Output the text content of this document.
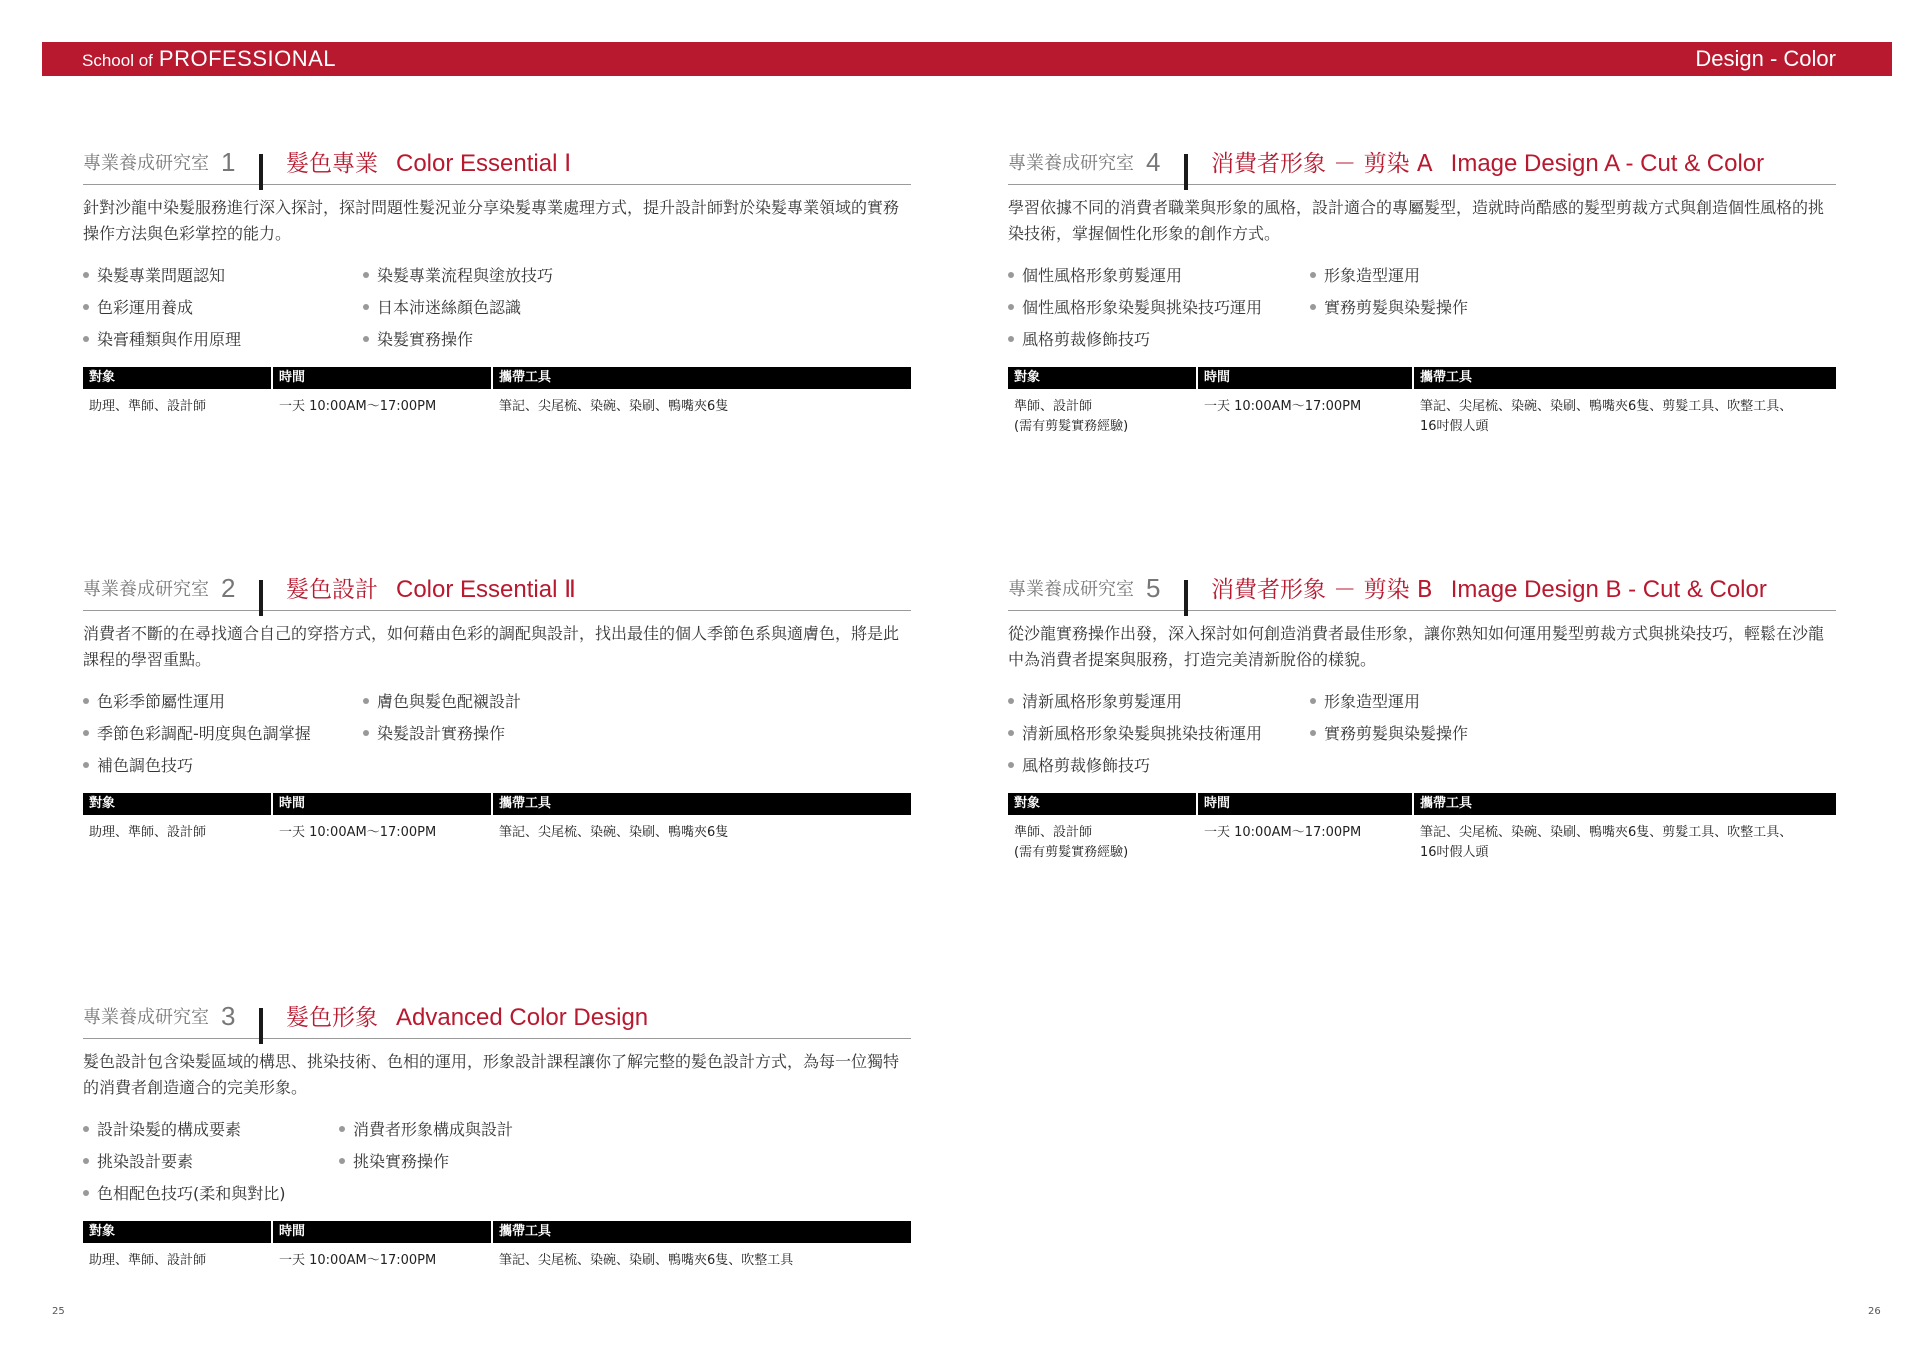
School of PROFESSIONAL	Design - Color
專業養成研究室 1 髮色專業 Color Essential Ⅰ

針對沙龍中染髮服務進行深入探討，探討問題性髮況並分享染髮專業處理方式，提升設計師對於染髮專業領域的實務操作方法與色彩掌控的能力。

染髮專業問題認知	染髮專業流程與塗放技巧
色彩運用養成	日本沛迷絲顏色認識
染膏種類與作用原理	染髮實務操作
對象	時間	攜帶工具
助理、準師、設計師	一天 10:00AM～17:00PM	筆記、尖尾梳、染碗、染刷、鴨嘴夾6隻
專業養成研究室 2 髮色設計 Color Essential Ⅱ

消費者不斷的在尋找適合自己的穿搭方式，如何藉由色彩的調配與設計，找出最佳的個人季節色系與適膚色，將是此課程的學習重點。

色彩季節屬性運用	膚色與髮色配襯設計
季節色彩調配-明度與色調掌握	染髮設計實務操作
補色調色技巧
對象	時間	攜帶工具
助理、準師、設計師	一天 10:00AM～17:00PM	筆記、尖尾梳、染碗、染刷、鴨嘴夾6隻
專業養成研究室 3 髮色形象 Advanced Color Design

髮色設計包含染髮區域的構思、挑染技術、色相的運用，形象設計課程讓你了解完整的髮色設計方式，為每一位獨特的消費者創造適合的完美形象。

設計染髮的構成要素	消費者形象構成與設計
挑染設計要素	挑染實務操作
色相配色技巧(柔和與對比)
對象	時間	攜帶工具
助理、準師、設計師	一天 10:00AM～17:00PM	筆記、尖尾梳、染碗、染刷、鴨嘴夾6隻、吹整工具
專業養成研究室 4 消費者形象 － 剪染 A Image Design A - Cut & Color

學習依據不同的消費者職業與形象的風格，設計適合的專屬髮型，造就時尚酷感的髮型剪裁方式與創造個性風格的挑染技術，掌握個性化形象的創作方式。

個性風格形象剪髮運用	形象造型運用
個性風格形象染髮與挑染技巧運用	實務剪髮與染髮操作
風格剪裁修飾技巧
對象	時間	攜帶工具
準師、設計師
(需有剪髮實務經驗)
一天 10:00AM～17:00PM	筆記、尖尾梳、染碗、染刷、鴨嘴夾6隻、剪髮工具、吹整工具、
16吋假人頭
專業養成研究室 5 消費者形象 － 剪染 B Image Design B - Cut & Color

從沙龍實務操作出發，深入探討如何創造消費者最佳形象，讓你熟知如何運用髮型剪裁方式與挑染技巧，輕鬆在沙龍中為消費者提案與服務，打造完美清新脫俗的樣貌。

清新風格形象剪髮運用	形象造型運用
清新風格形象染髮與挑染技術運用	實務剪髮與染髮操作
風格剪裁修飾技巧
對象	時間	攜帶工具
準師、設計師
(需有剪髮實務經驗)
一天 10:00AM～17:00PM	筆記、尖尾梳、染碗、染刷、鴨嘴夾6隻、剪髮工具、吹整工具、
16吋假人頭
25	26
